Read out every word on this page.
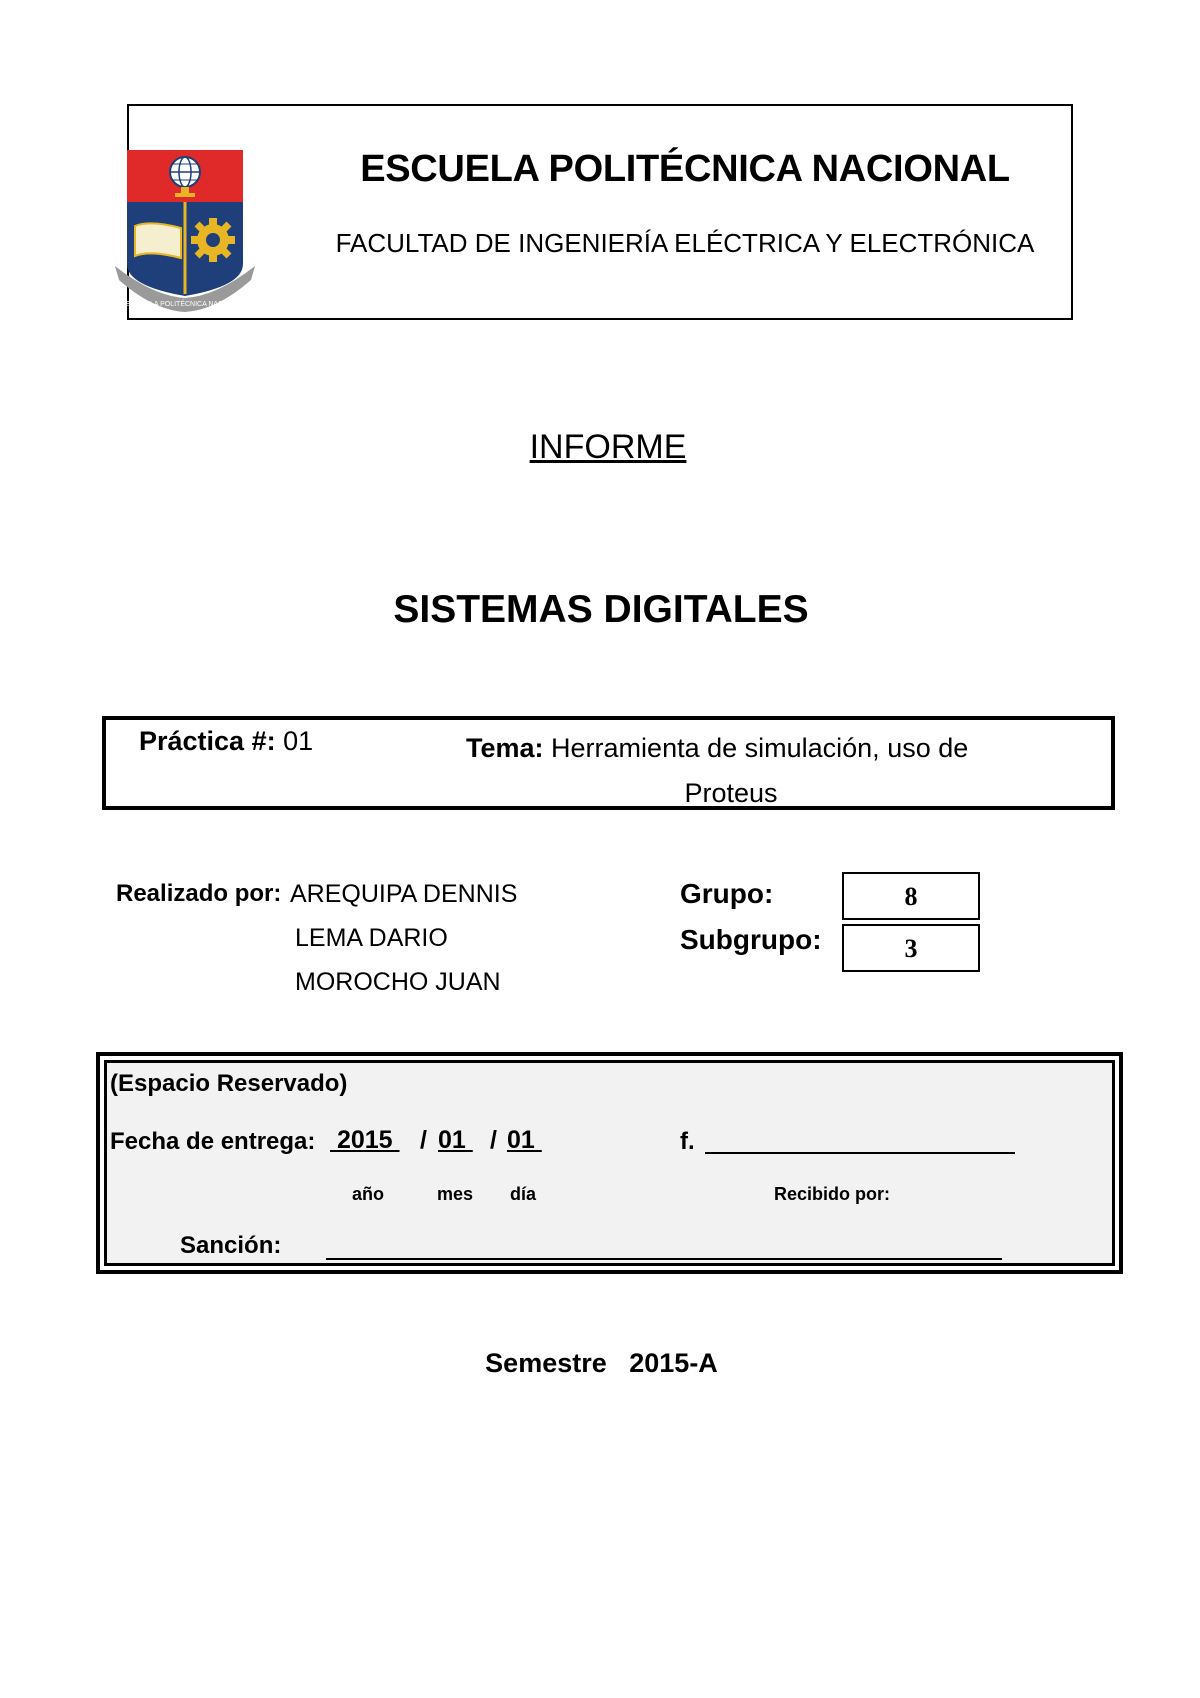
ESCUELA POLITÉCNICA NACIONAL
ESCUELA POLITÉCNICA NACIONAL
FACULTAD DE INGENIERÍA ELÉCTRICA Y ELECTRÓNICA
INFORME
SISTEMAS DIGITALES
Práctica #: 01	Tema: Herramienta de simulación, uso de
Proteus
Realizado por: AREQUIPA DENNIS
LEMA DARIO
MOROCHO JUAN
Grupo:
Subgrupo:
8
3
(Espacio Reservado)
Fecha de entrega: 2015 / 01 / 01
año	mes día
f.
Recibido por:
Sanción:
Semestre   2015-A
